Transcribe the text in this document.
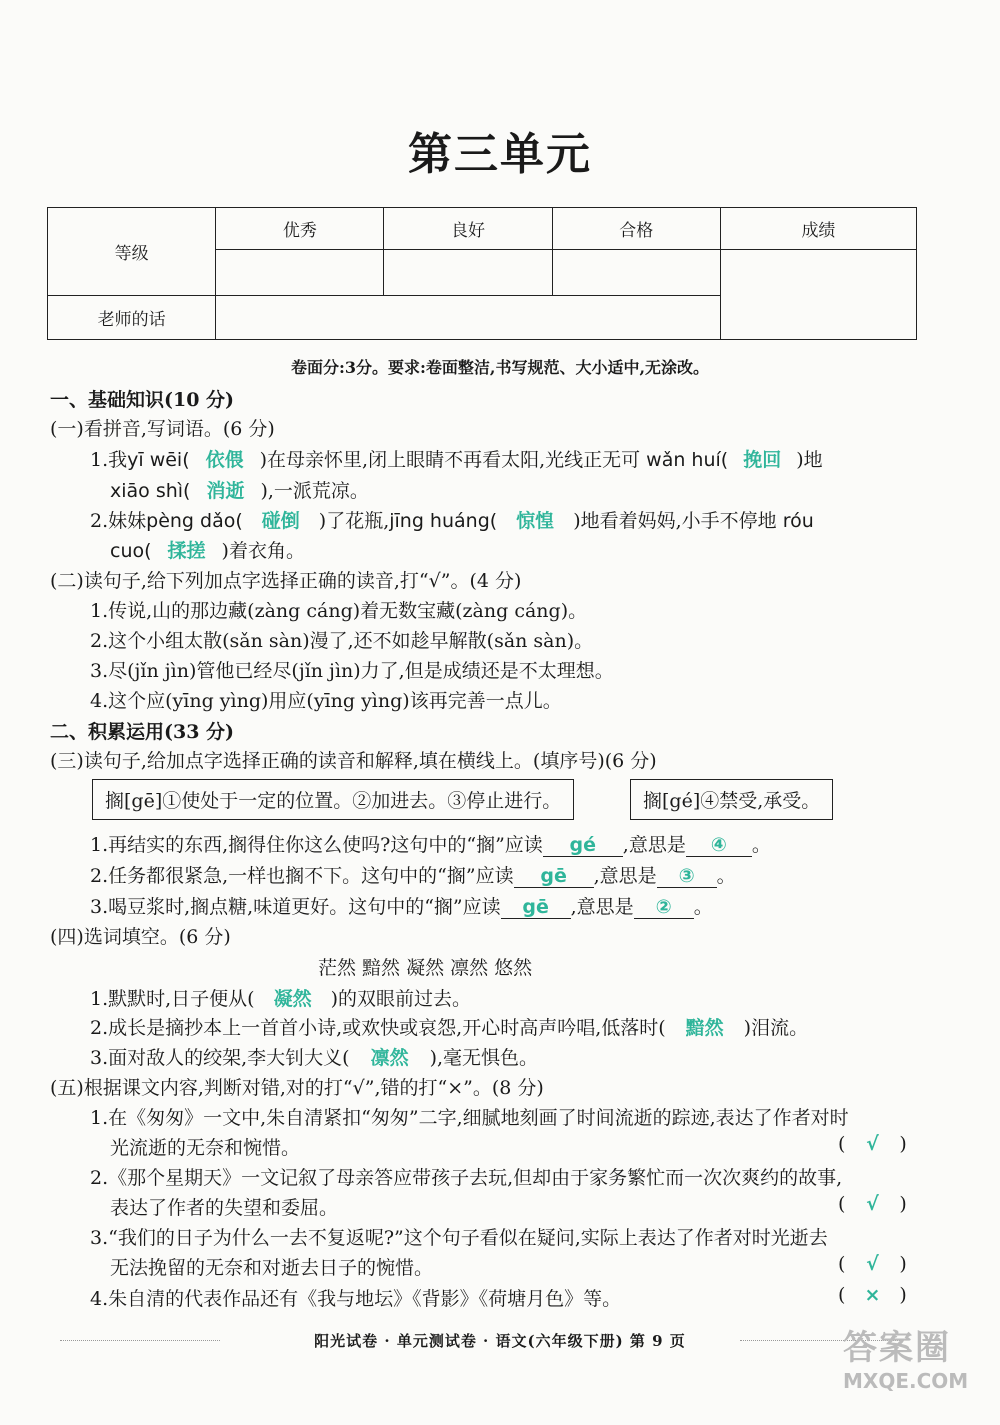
第三单元
等级	优秀	良好	合格	成绩

老师的话				
卷面分:3分。要求:卷面整洁,书写规范、大小适中,无涂改。
一、基础知识(10 分)
(一)看拼音,写词语。(6 分)
1.我yī wēi( 依偎 )在母亲怀里,闭上眼睛不再看太阳,光线正无可 wǎn huí( 挽回 )地
xiāo shì( 消逝 ),一派荒凉。
2.妹妹pèng dǎo( 碰倒 )了花瓶,jīng huáng( 惊惶 )地看着妈妈,小手不停地 róu
cuo( 揉搓 )着衣角。
(二)读句子,给下列加点字选择正确的读音,打“√”。(4 分)
1.传说,山的那边藏(zàng cáng)着无数宝藏(zàng cáng)。
2.这个小组太散(sǎn sàn)漫了,还不如趁早解散(sǎn sàn)。
3.尽(jǐn jìn)管他已经尽(jǐn jìn)力了,但是成绩还是不太理想。
4.这个应(yīng yìng)用应(yīng yìng)该再完善一点儿。
二、积累运用(33 分)
(三)读句子,给加点字选择正确的读音和解释,填在横线上。(填序号)(6 分)
搁[gē]①使处于一定的位置。②加进去。③停止进行。	搁[gé]④禁受,承受。
1.再结实的东西,搁得住你这么使吗?这句中的“搁”应读 gé ,意思是 ④ 。
2.任务都很紧急,一样也搁不下。这句中的“搁”应读 gē ,意思是 ③ 。
3.喝豆浆时,搁点糖,味道更好。这句中的“搁”应读 gē ,意思是 ② 。
(四)选词填空。(6 分)
茫然 黯然 凝然 凛然 悠然
1.默默时,日子便从( 凝然 )的双眼前过去。
2.成长是摘抄本上一首首小诗,或欢快或哀怨,开心时高声吟唱,低落时( 黯然 )泪流。
3.面对敌人的绞架,李大钊大义( 凛然 ),毫无惧色。
(五)根据课文内容,判断对错,对的打“√”,错的打“×”。(8 分)
1.在《匆匆》一文中,朱自清紧扣“匆匆”二字,细腻地刻画了时间流逝的踪迹,表达了作者对时
光流逝的无奈和惋惜。	( √ )
2.《那个星期天》一文记叙了母亲答应带孩子去玩,但却由于家务繁忙而一次次爽约的故事,
表达了作者的失望和委屈。	( √ )
3.“我们的日子为什么一去不复返呢?”这个句子看似在疑问,实际上表达了作者对时光逝去
无法挽留的无奈和对逝去日子的惋惜。	( √ )
4.朱自清的代表作品还有《我与地坛》《背影》《荷塘月色》等。	( × )
阳光试卷 · 单元测试卷 · 语文(六年级下册) 第 9 页	答案圈
MXQE.COM
